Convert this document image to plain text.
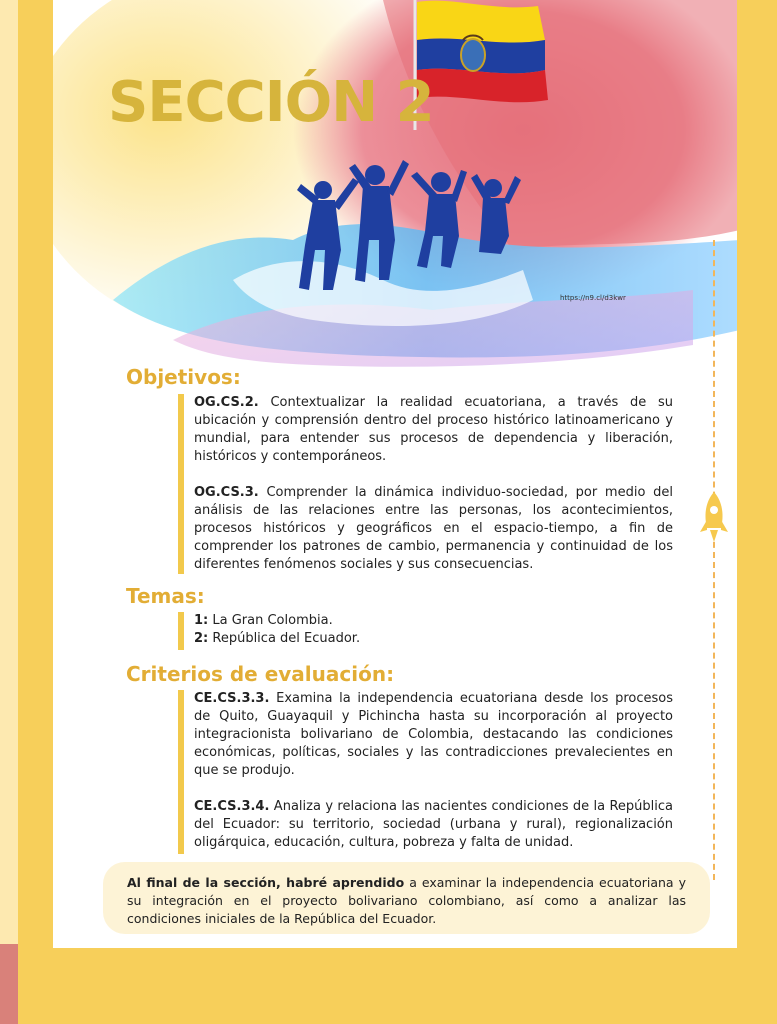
SECCIÓN 2
https://n9.cl/d3kwr
Objetivos:

OG.CS.2. Contextualizar la realidad ecuatoriana, a través de su ubicación y comprensión dentro del proceso histórico latinoamericano y mundial, para entender sus procesos de dependencia y liberación, históricos y contemporáneos.

OG.CS.3. Comprender la dinámica individuo-sociedad, por medio del análisis de las relaciones entre las personas, los acontecimientos, procesos históricos y geográficos en el espacio-tiempo, a fin de comprender los patrones de cambio, permanencia y continuidad de los diferentes fenómenos sociales y sus consecuencias.

Temas:
1: La Gran Colombia.
2: República del Ecuador.
Criterios de evaluación:

CE.CS.3.3. Examina la independencia ecuatoriana desde los procesos de Quito, Guayaquil y Pichincha hasta su incorporación al proyecto integracionista bolivariano de Colombia, destacando las condiciones económicas, políticas, sociales y las contradicciones prevalecientes en que se produjo.

CE.CS.3.4. Analiza y relaciona las nacientes condiciones de la República del Ecuador: su territorio, sociedad (urbana y rural), regionalización oligárquica, educación, cultura, pobreza y falta de unidad.

Al final de la sección, habré aprendido a examinar la independencia ecuatoriana y su integración en el proyecto bolivariano colombiano, así como a analizar las condiciones iniciales de la República del Ecuador.
